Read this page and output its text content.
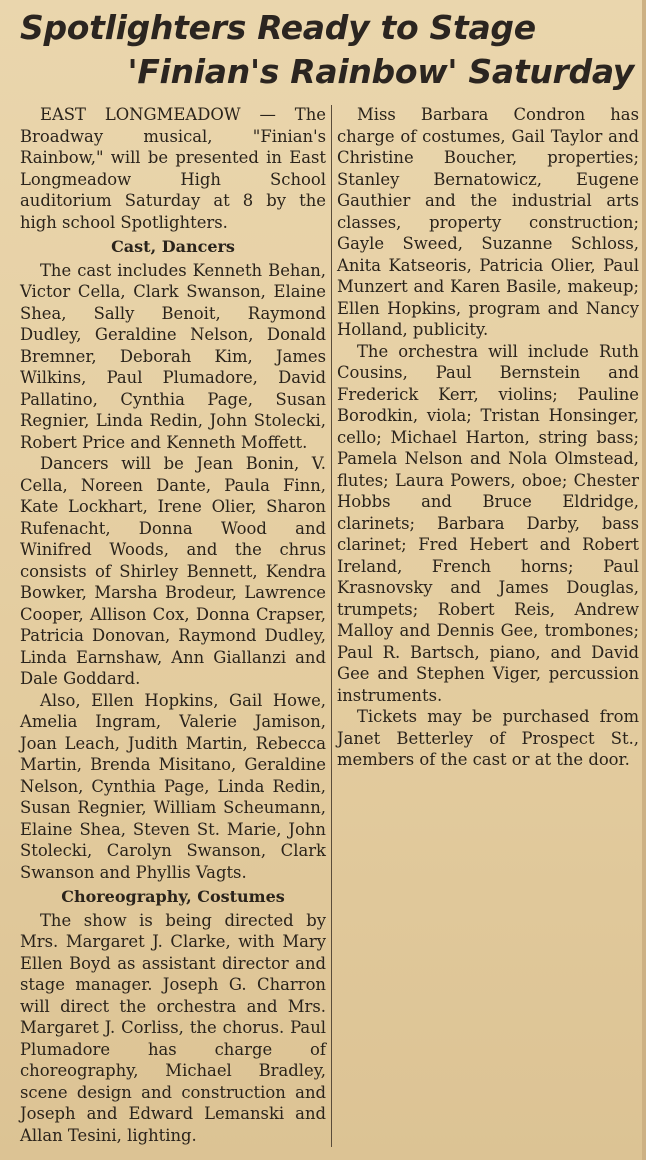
Spotlighters Ready to Stage
'Finian's Rainbow' Saturday

EAST LONGMEADOW — The Broadway musical, "Finian's Rainbow," will be presented in East Longmeadow High School auditorium Saturday at 8 by the high school Spotlighters.

Cast, Dancers

The cast includes Kenneth Behan, Victor Cella, Clark Swanson, Elaine Shea, Sally Benoit, Raymond Dudley, Geraldine Nelson, Donald Bremner, Deborah Kim, James Wilkins, Paul Plumadore, David Pallatino, Cynthia Page, Susan Regnier, Linda Redin, John Stolecki, Robert Price and Kenneth Moffett.

Dancers will be Jean Bonin, V. Cella, Noreen Dante, Paula Finn, Kate Lockhart, Irene Olier, Sharon Rufenacht, Donna Wood and Winifred Woods, and the chrus consists of Shirley Bennett, Kendra Bowker, Marsha Brodeur, Lawrence Cooper, Allison Cox, Donna Crapser, Patricia Donovan, Raymond Dudley, Linda Earnshaw, Ann Giallanzi and Dale Goddard.

Also, Ellen Hopkins, Gail Howe, Amelia Ingram, Valerie Jamison, Joan Leach, Judith Martin, Rebecca Martin, Brenda Misitano, Geraldine Nelson, Cynthia Page, Linda Redin, Susan Regnier, William Scheumann, Elaine Shea, Steven St. Marie, John Stolecki, Carolyn Swanson, Clark Swanson and Phyllis Vagts.

Choreography, Costumes

The show is being directed by Mrs. Margaret J. Clarke, with Mary Ellen Boyd as assistant director and stage manager. Joseph G. Charron will direct the orchestra and Mrs. Margaret J. Corliss, the chorus. Paul Plumadore has charge of choreography, Michael Bradley, scene design and construction and Joseph and Edward Lemanski and Allan Tesini, lighting.

Miss Barbara Condron has charge of costumes, Gail Taylor and Christine Boucher, properties; Stanley Bernatowicz, Eugene Gauthier and the industrial arts classes, property construction; Gayle Sweed, Suzanne Schloss, Anita Katseoris, Patricia Olier, Paul Munzert and Karen Basile, makeup; Ellen Hopkins, program and Nancy Holland, publicity.

The orchestra will include Ruth Cousins, Paul Bernstein and Frederick Kerr, violins; Pauline Borodkin, viola; Tristan Honsinger, cello; Michael Harton, string bass; Pamela Nelson and Nola Olmstead, flutes; Laura Powers, oboe; Chester Hobbs and Bruce Eldridge, clarinets; Barbara Darby, bass clarinet; Fred Hebert and Robert Ireland, French horns; Paul Krasnovsky and James Douglas, trumpets; Robert Reis, Andrew Malloy and Dennis Gee, trombones; Paul R. Bartsch, piano, and David Gee and Stephen Viger, percussion instruments.

Tickets may be purchased from Janet Betterley of Prospect St., members of the cast or at the door.
